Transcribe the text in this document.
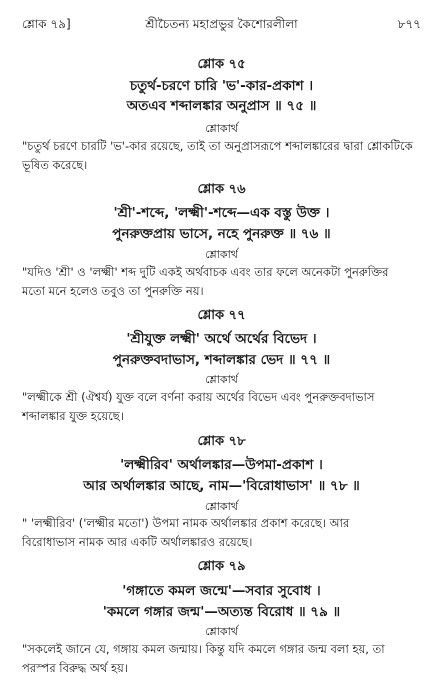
শ্লোক ৭৯]	শ্রীচৈতন্য মহাপ্রভুর কৈশোরলীলা	৮৭৭
শ্লোক ৭৫
চতুর্থ-চরণে চারি 'ভ'-কার-প্রকাশ ।
অতএব শব্দালঙ্কার অনুপ্রাস ॥ ৭৫ ॥
শ্লোকার্থ
"চতুর্থ চরণে চারটি 'ভ'-কার রয়েছে, তাই তা অনুপ্রাসরূপে শব্দালঙ্কারের দ্বারা শ্লোকটিকে
ভূষিত করেছে।
শ্লোক ৭৬
'শ্রী'-শব্দে, 'লক্ষ্মী'-শব্দে—এক বস্তু উক্ত ।
পুনরুক্তপ্রায় ভাসে, নহে পুনরুক্ত ॥ ৭৬ ॥
শ্লোকার্থ
"যদিও 'শ্রী' ও 'লক্ষ্মী' শব্দ দুটি একই অর্থবাচক এবং তার ফলে অনেকটা পুনরুক্তির
মতো মনে হলেও তবুও তা পুনরুক্তি নয়।
শ্লোক ৭৭
'শ্রীযুক্ত লক্ষ্মী' অর্থে অর্থের বিভেদ ।
পুনরুক্তবদাভাস, শব্দালঙ্কার ভেদ ॥ ৭৭ ॥
শ্লোকার্থ
"লক্ষ্মীকে শ্রী (ঐশ্বর্য) যুক্ত বলে বর্ণনা করায় অর্থের বিভেদ এবং পুনরুক্তবদাভাস
শব্দালঙ্কার যুক্ত হয়েছে।
শ্লোক ৭৮
'লক্ষ্মীরিব' অর্থালঙ্কার—উপমা-প্রকাশ ।
আর অর্থালঙ্কার আছে, নাম—'বিরোধাভাস' ॥ ৭৮ ॥
শ্লোকার্থ
" 'লক্ষ্মীরিব' ('লক্ষ্মীর মতো') উপমা নামক অর্থালঙ্কার প্রকাশ করেছে। আর
বিরোধাভাস নামক আর একটি অর্থালঙ্কারও রয়েছে।
শ্লোক ৭৯
'গঙ্গাতে কমল জন্মে'—সবার সুবোধ ।
'কমলে গঙ্গার জন্ম'—অত্যন্ত বিরোধ ॥ ৭৯ ॥
শ্লোকার্থ
"সকলেই জানে যে, গঙ্গায় কমল জন্মায়। কিন্তু যদি কমলে গঙ্গার জন্ম বলা হয়, তা
পরস্পর বিরুদ্ধ অর্থ হয়।
